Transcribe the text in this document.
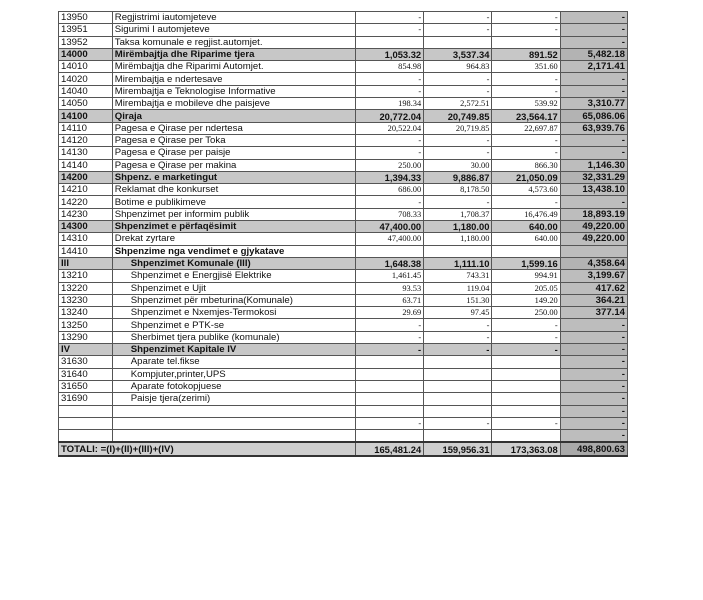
13950	Regjistrimi iautomjeteve	-	-	-	-
13951	Sigurimi I automjeteve	-	-	-	-
13952	Taksa komunale e regjist.automjet.				-
14000	Mirëmbajtja dhe Riparime tjera	1,053.32	3,537.34	891.52	5,482.18
14010	Mirëmbajtja dhe Riparimi Automjet.	854.98	964.83	351.60	2,171.41
14020	Mirembajtja e ndertesave	-	-	-	-
14040	Mirembajtja e Teknologise Informative	-	-	-	-
14050	Mirembajtja e mobileve dhe paisjeve	198.34	2,572.51	539.92	3,310.77
14100	Qiraja	20,772.04	20,749.85	23,564.17	65,086.06
14110	Pagesa e Qirase per ndertesa	20,522.04	20,719.85	22,697.87	63,939.76
14120	Pagesa e Qirase per Toka	-	-	-	-
14130	Pagesa e Qirase per paisje	-	-	-	-
14140	Pagesa e Qirase per makina	250.00	30.00	866.30	1,146.30
14200	Shpenz. e marketingut	1,394.33	9,886.87	21,050.09	32,331.29
14210	Reklamat dhe konkurset	686.00	8,178.50	4,573.60	13,438.10
14220	Botime e publikimeve	-	-	-	-
14230	Shpenzimet per informim publik	708.33	1,708.37	16,476.49	18,893.19
14300	Shpenzimet e përfaqësimit	47,400.00	1,180.00	640.00	49,220.00
14310	Drekat zyrtare	47,400.00	1,180.00	640.00	49,220.00
14410	Shpenzime nga vendimet e gjykatave				
III	Shpenzimet Komunale (III)	1,648.38	1,111.10	1,599.16	4,358.64
13210	Shpenzimet e Energjisë Elektrike	1,461.45	743.31	994.91	3,199.67
13220	Shpenzimet e Ujit	93.53	119.04	205.05	417.62
13230	Shpenzimet për mbeturina(Komunale)	63.71	151.30	149.20	364.21
13240	Shpenzimet e Nxemjes-Termokosi	29.69	97.45	250.00	377.14
13250	Shpenzimet e PTK-se	-	-	-	-
13290	Sherbimet tjera publike (komunale)	-	-	-	-
IV	Shpenzimet Kapitale IV	-	-	-	-
31630	Aparate tel.fikse				-
31640	Kompjuter,printer,UPS				-
31650	Aparate fotokopjuese				-
31690	Paisje tjera(zerimi)				-
					-
		-	-	-	-
					-
TOTALI: =(I)+(II)+(III)+(IV)		165,481.24	159,956.31	173,363.08	498,800.63
